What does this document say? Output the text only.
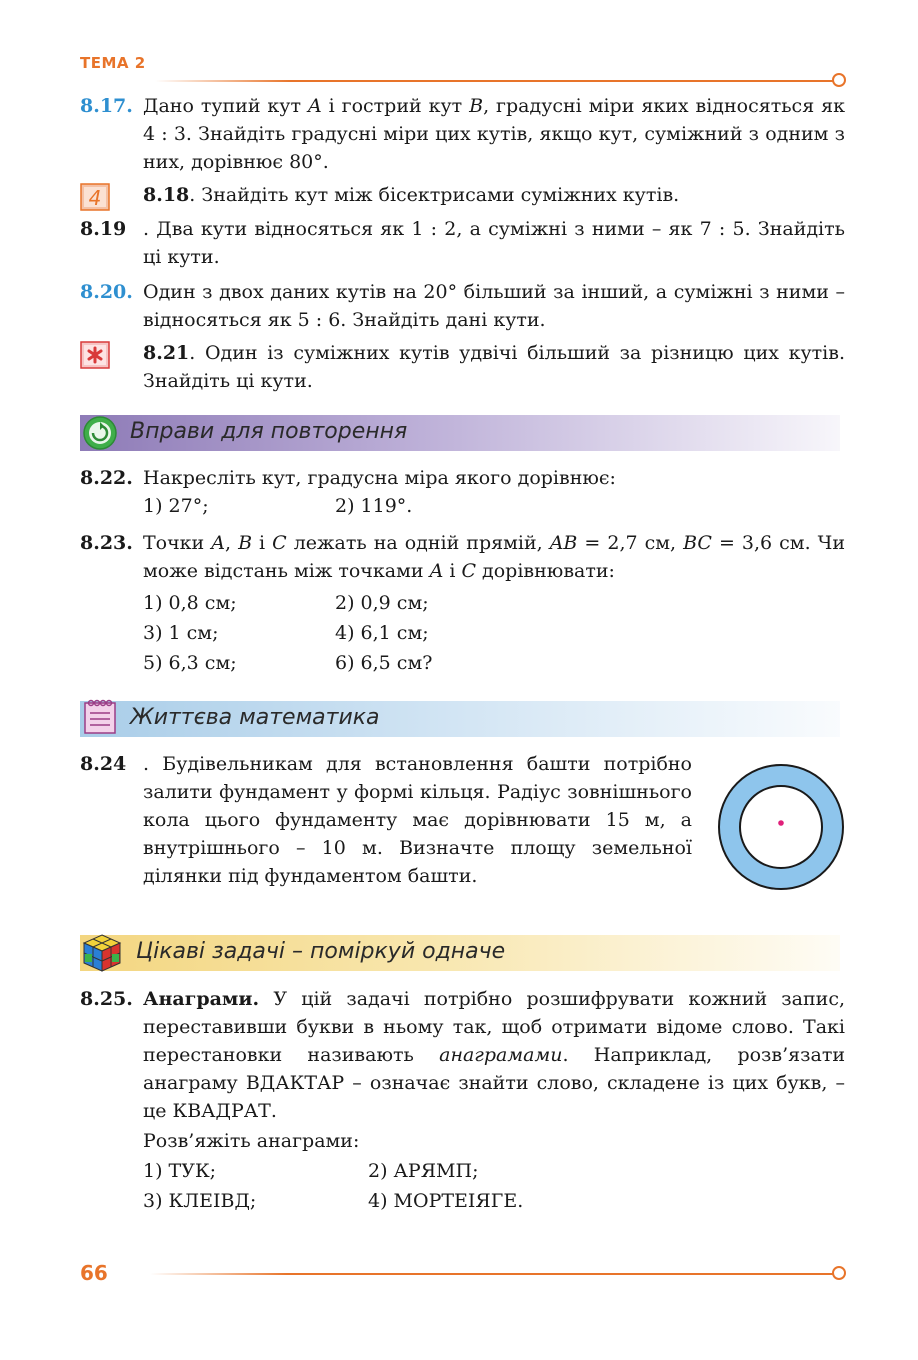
ТЕМА 2
8.17. Дано тупий кут A і гострий кут B, градусні міри яких відносяться як 4 : 3. Знайдіть градусні міри цих кутів, якщо кут, суміжний з одним з них, дорівнює 80°.
4 8.18. Знайдіть кут між бісектрисами суміжних кутів.
8.19 . Два кути відносяться як 1 : 2, а суміжні з ними – як 7 : 5. Знайдіть ці кути.
8.20. Один з двох даних кутів на 20° більший за інший, а суміжні з ними – відносяться як 5 : 6. Знайдіть дані кути.
8.21. Один із суміжних кутів удвічі більший за різницю цих кутів. Знайдіть ці кути.
Вправи для повторення
8.22. Накресліть кут, градусна міра якого дорівнює:
1) 27°;	2) 119°.
8.23. Точки A, B і C лежать на одній прямій, AB = 2,7 см, BC = 3,6 см. Чи може відстань між точками A і C дорівнювати:
1) 0,8 см;	2) 0,9 см;
3) 1 см;	4) 6,1 см;
5) 6,3 см;	6) 6,5 см?
Життєва математика
8.24 . Будівельникам для встановлення башти потрібно залити фундамент у формі кільця. Радіус зовнішнього кола цього фундаменту має дорівнювати 15 м, а внутрішнього – 10 м. Визначте площу земельної ділянки під фундаментом башти.
Цікаві задачі – поміркуй одначе
8.25. Анаграми. У цій задачі потрібно розшифрувати кожний запис, переставивши букви в ньому так, щоб отримати відоме слово. Такі перестановки називають анаграмами. Наприклад, розв’язати анаграму ВДАКТАР – означає знайти слово, складене із цих букв, – це КВАДРАТ.
Розв’яжіть анаграми:
1) ТУК;	2) АРЯМП;
3) КЛЕІВД;	4) МОРТЕІЯГЕ.
66
